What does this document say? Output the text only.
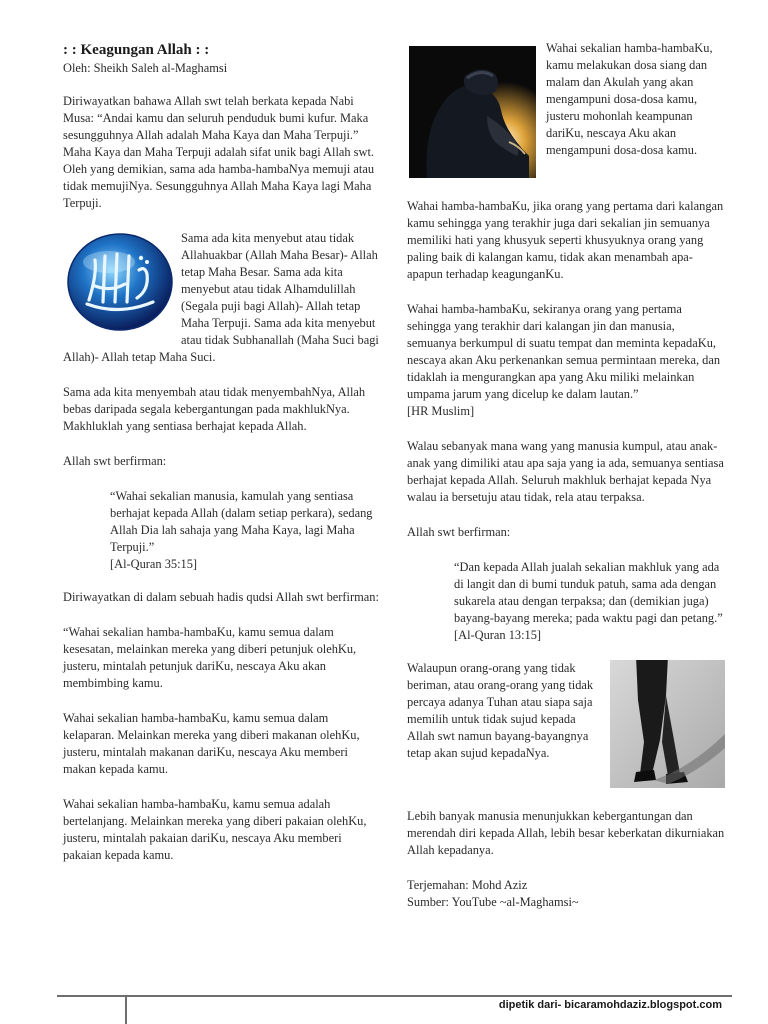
: : Keagungan Allah : :

Oleh: Sheikh Saleh al-Maghamsi

Diriwayatkan bahawa Allah swt telah berkata kepada Nabi Musa: “Andai kamu dan seluruh penduduk bumi kufur. Maka sesungguhnya Allah adalah Maha Kaya dan Maha Terpuji.” Maha Kaya dan Maha Terpuji adalah sifat unik bagi Allah swt. Oleh yang demikian, sama ada hamba-hambaNya memuji atau tidak memujiNya. Sesungguhnya Allah Maha Kaya lagi Maha Terpuji.

Sama ada kita menyebut atau tidak Allahuakbar (Allah Maha Besar)- Allah tetap Maha Besar. Sama ada kita menyebut atau tidak Alhamdulillah (Segala puji bagi Allah)- Allah tetap Maha Terpuji. Sama ada kita menyebut atau tidak Subhanallah (Maha Suci bagi Allah)- Allah tetap Maha Suci.

Sama ada kita menyembah atau tidak menyembahNya, Allah bebas daripada segala kebergantungan pada makhlukNya. Makhluklah yang sentiasa berhajat kepada Allah.

Allah swt berfirman:

“Wahai sekalian manusia, kamulah yang sentiasa berhajat kepada Allah (dalam setiap perkara), sedang Allah Dia lah sahaja yang Maha Kaya, lagi Maha Terpuji.”
[Al-Quran 35:15]

Diriwayatkan di dalam sebuah hadis qudsi Allah swt berfirman:

“Wahai sekalian hamba-hambaKu, kamu semua dalam kesesatan, melainkan mereka yang diberi petunjuk olehKu, justeru, mintalah petunjuk dariKu, nescaya Aku akan membimbing kamu.

Wahai sekalian hamba-hambaKu, kamu semua dalam kelaparan. Melainkan mereka yang diberi makanan olehKu, justeru, mintalah makanan dariKu, nescaya Aku memberi makan kepada kamu.

Wahai sekalian hamba-hambaKu, kamu semua adalah bertelanjang. Melainkan mereka yang diberi pakaian olehKu, justeru, mintalah pakaian dariKu, nescaya Aku memberi pakaian kepada kamu.

Wahai sekalian hamba-hambaKu, kamu melakukan dosa siang dan malam dan Akulah yang akan mengampuni dosa-dosa kamu, justeru mohonlah keampunan dariKu, nescaya Aku akan mengampuni dosa-dosa kamu.

Wahai hamba-hambaKu, jika orang yang pertama dari kalangan kamu sehingga yang terakhir juga dari sekalian jin semuanya memiliki hati yang khusyuk seperti khusyuknya orang yang paling baik di kalangan kamu, tidak akan menambah apa-apapun terhadap keagunganKu.

Wahai hamba-hambaKu, sekiranya orang yang pertama sehingga yang terakhir dari kalangan jin dan manusia, semuanya berkumpul di suatu tempat dan meminta kepadaKu, nescaya akan Aku perkenankan semua permintaan mereka, dan tidaklah ia mengurangkan apa yang Aku miliki melainkan umpama jarum yang dicelup ke dalam lautan.”

[HR Muslim]

Walau sebanyak mana wang yang manusia kumpul, atau anak-anak yang dimiliki atau apa saja yang ia ada, semuanya sentiasa berhajat kepada Allah. Seluruh makhluk berhajat kepada Nya walau ia bersetuju atau tidak, rela atau terpaksa.

Allah swt berfirman:

“Dan kepada Allah jualah sekalian makhluk yang ada di langit dan di bumi tunduk patuh, sama ada dengan sukarela atau dengan terpaksa; dan (demikian juga) bayang-bayang mereka; pada waktu pagi dan petang.”
[Al-Quran 13:15]

Walaupun orang-orang yang tidak beriman, atau orang-orang yang tidak percaya adanya Tuhan atau siapa saja memilih untuk tidak sujud kepada Allah swt namun bayang-bayangnya tetap akan sujud kepadaNya.

Lebih banyak manusia menunjukkan kebergantungan dan merendah diri kepada Allah, lebih besar keberkatan dikurniakan Allah kepadanya.

Terjemahan: Mohd Aziz
Sumber: YouTube ~al-Maghamsi~
dipetik dari- bicaramohdaziz.blogspot.com
